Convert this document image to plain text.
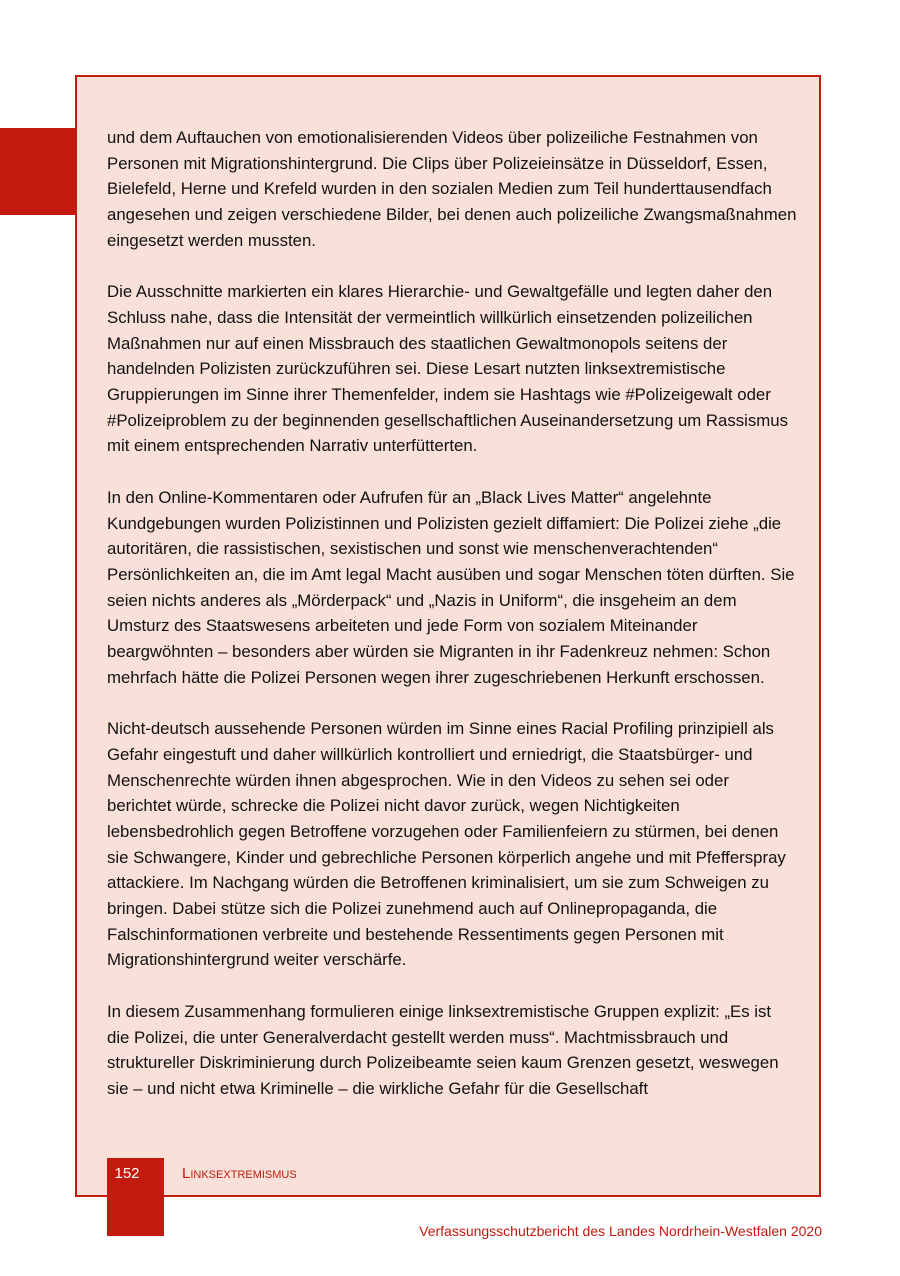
und dem Auftauchen von emotionalisierenden Videos über polizeiliche Festnahmen von Personen mit Migrationshintergrund. Die Clips über Polizeieinsätze in Düsseldorf, Essen, Bielefeld, Herne und Krefeld wurden in den sozialen Medien zum Teil hunderttausendfach angesehen und zeigen verschiedene Bilder, bei denen auch polizeiliche Zwangsmaßnahmen eingesetzt werden mussten.

Die Ausschnitte markierten ein klares Hierarchie- und Gewaltgefälle und legten daher den Schluss nahe, dass die Intensität der vermeintlich willkürlich einsetzenden polizeilichen Maßnahmen nur auf einen Missbrauch des staatlichen Gewaltmonopols seitens der handelnden Polizisten zurückzuführen sei. Diese Lesart nutzten linksextremistische Gruppierungen im Sinne ihrer Themenfelder, indem sie Hashtags wie #Polizeigewalt oder #Polizeiproblem zu der beginnenden gesellschaftlichen Auseinandersetzung um Rassismus mit einem entsprechenden Narrativ unterfütterten.

In den Online-Kommentaren oder Aufrufen für an „Black Lives Matter“ angelehnte Kundgebungen wurden Polizistinnen und Polizisten gezielt diffamiert: Die Polizei ziehe „die autoritären, die rassistischen, sexistischen und sonst wie menschenverachtenden“ Persönlichkeiten an, die im Amt legal Macht ausüben und sogar Menschen töten dürften. Sie seien nichts anderes als „Mörderpack“ und „Nazis in Uniform“, die insgeheim an dem Umsturz des Staatswesens arbeiteten und jede Form von sozialem Miteinander beargwöhnten – besonders aber würden sie Migranten in ihr Fadenkreuz nehmen: Schon mehrfach hätte die Polizei Personen wegen ihrer zugeschriebenen Herkunft erschossen.

Nicht-deutsch aussehende Personen würden im Sinne eines Racial Profiling prinzipiell als Gefahr eingestuft und daher willkürlich kontrolliert und erniedrigt, die Staatsbürger- und Menschenrechte würden ihnen abgesprochen. Wie in den Videos zu sehen sei oder berichtet würde, schrecke die Polizei nicht davor zurück, wegen Nichtigkeiten lebensbedrohlich gegen Betroffene vorzugehen oder Familienfeiern zu stürmen, bei denen sie Schwangere, Kinder und gebrechliche Personen körperlich angehe und mit Pfefferspray attackiere. Im Nachgang würden die Betroffenen kriminalisiert, um sie zum Schweigen zu bringen. Dabei stütze sich die Polizei zunehmend auch auf Onlinepropaganda, die Falschinformationen verbreite und bestehende Ressentiments gegen Personen mit Migrationshintergrund weiter verschärfe.

In diesem Zusammenhang formulieren einige linksextremistische Gruppen explizit: „Es ist die Polizei, die unter Generalverdacht gestellt werden muss“. Machtmissbrauch und struktureller Diskriminierung durch Polizeibeamte seien kaum Grenzen gesetzt, weswegen sie – und nicht etwa Kriminelle – die wirkliche Gefahr für die Gesellschaft

152	Linksextremismus
Verfassungsschutzbericht des Landes Nordrhein-Westfalen 2020
